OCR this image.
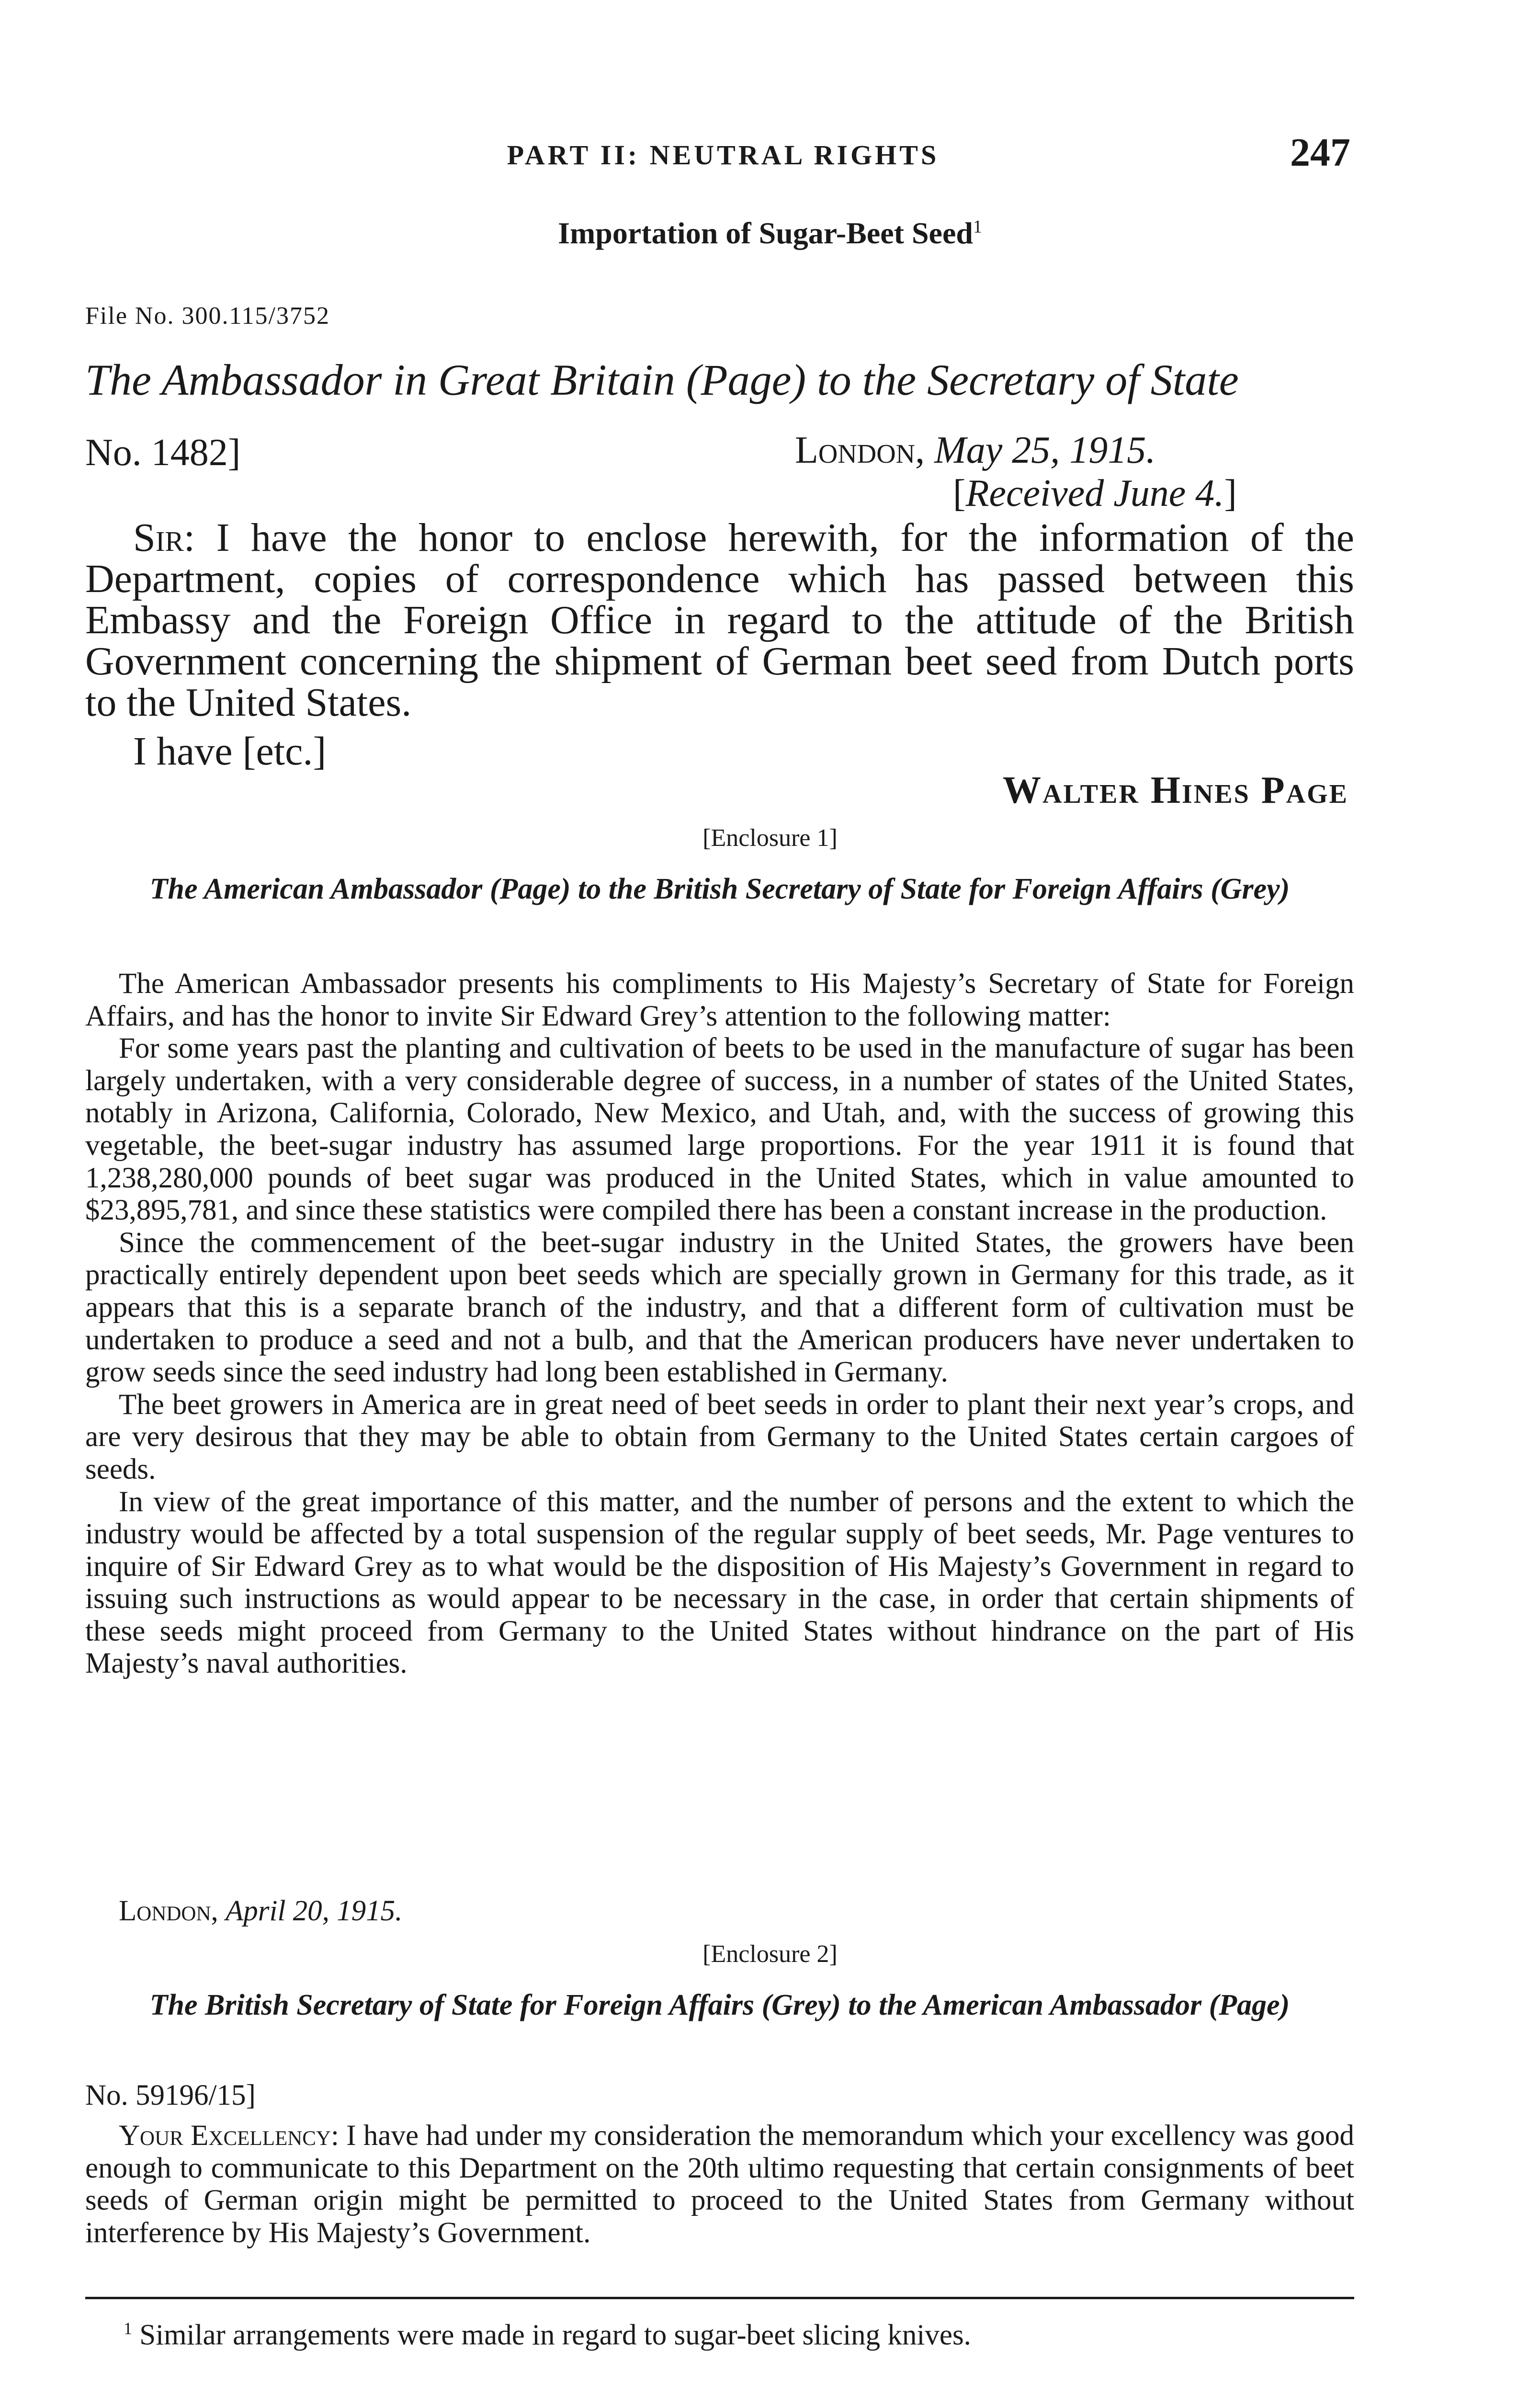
PART II: NEUTRAL RIGHTS	247
Importation of Sugar-Beet Seed$^1$
File No. 300.115/3752
The Ambassador in Great Britain (Page) to the Secretary of State
No. 1482]	London, May 25, 1915.
[Received June 4.]

Sir: I have the honor to enclose herewith, for the information of the Department, copies of correspondence which has passed between this Embassy and the Foreign Office in regard to the attitude of the British Government concerning the shipment of German beet seed from Dutch ports to the United States.

I have [etc.]
Walter Hines Page
[Enclosure 1]

The American Ambassador (Page) to the British Secretary of State for Foreign Affairs (Grey)

The American Ambassador presents his compliments to His Majesty’s Secretary of State for Foreign Affairs, and has the honor to invite Sir Edward Grey’s attention to the following matter:

For some years past the planting and cultivation of beets to be used in the manufacture of sugar has been largely undertaken, with a very considerable degree of success, in a number of states of the United States, notably in Arizona, California, Colorado, New Mexico, and Utah, and, with the success of growing this vegetable, the beet-sugar industry has assumed large proportions. For the year 1911 it is found that 1,238,280,000 pounds of beet sugar was produced in the United States, which in value amounted to $23,895,781, and since these statistics were compiled there has been a constant increase in the production.

Since the commencement of the beet-sugar industry in the United States, the growers have been practically entirely dependent upon beet seeds which are specially grown in Germany for this trade, as it appears that this is a separate branch of the industry, and that a different form of cultivation must be undertaken to produce a seed and not a bulb, and that the American producers have never undertaken to grow seeds since the seed industry had long been established in Germany.

The beet growers in America are in great need of beet seeds in order to plant their next year’s crops, and are very desirous that they may be able to obtain from Germany to the United States certain cargoes of seeds.

In view of the great importance of this matter, and the number of persons and the extent to which the industry would be affected by a total suspension of the regular supply of beet seeds, Mr. Page ventures to inquire of Sir Edward Grey as to what would be the disposition of His Majesty’s Government in regard to issuing such instructions as would appear to be necessary in the case, in order that certain shipments of these seeds might proceed from Germany to the United States without hindrance on the part of His Majesty’s naval authorities.

London, April 20, 1915.
[Enclosure 2]

The British Secretary of State for Foreign Affairs (Grey) to the American Ambassador (Page)

No. 59196/15]

Your Excellency: I have had under my consideration the memorandum which your excellency was good enough to communicate to this Department on the 20th ultimo requesting that certain consignments of beet seeds of German origin might be permitted to proceed to the United States from Germany without interference by His Majesty’s Government.

$^1$ Similar arrangements were made in regard to sugar-beet slicing knives.
